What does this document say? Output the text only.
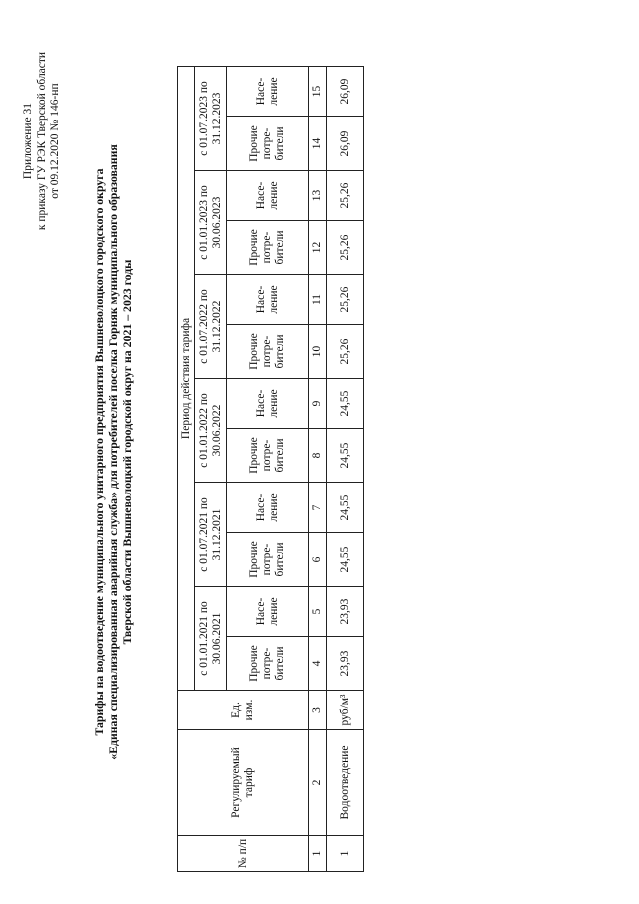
Приложение 31 к приказу ГУ РЭК Тверской области от 09.12.2020 № 146-нп
Тарифы на водоотведение муниципального унитарного предприятия Вышневолоцкого городского округа «Единая специализированная аварийная служба» для потребителей поселка Горняк муниципального образования Тверской области Вышневолоцкий городской округ на 2021 – 2023 годы
№ п/п	Регулируемый тариф	Ед. изм.	Период действия тарифа											
			с 01.01.2021 по 30.06.2021		с 01.07.2021 по 31.12.2021		с 01.01.2022 по 30.06.2022		с 01.07.2022 по 31.12.2022		с 01.01.2023 по 30.06.2023		с 01.07.2023 по 31.12.2023	
			Прочие потре-бители	Насе-ление	Прочие потре-бители	Насе-ление	Прочие потре-бители	Насе-ление	Прочие потре-бители	Насе-ление	Прочие потре-бители	Насе-ление	Прочие потре-бители	Насе-ление
1	2	3	4	5	6	7	8	9	10	11	12	13	14	15
1	Водоотведение	руб/м³	23,93	23,93	24,55	24,55	24,55	24,55	25,26	25,26	25,26	25,26	26,09	26,09
